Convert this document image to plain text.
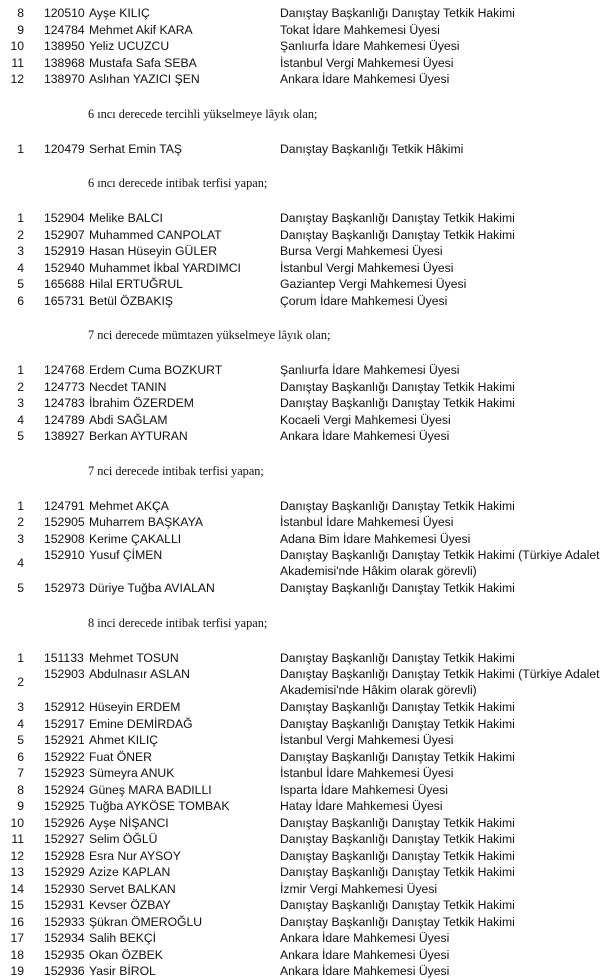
8 120510 Ayşe KILIÇ	Danıştay Başkanlığı Danıştay Tetkik Hakimi
9 124784 Mehmet Akif KARA	Tokat İdare Mahkemesi Üyesi
10 138950 Yeliz UCUZCU	Şanlıurfa İdare Mahkemesi Üyesi
11 138968 Mustafa Safa SEBA	İstanbul Vergi Mahkemesi Üyesi
12 138970 Aslıhan YAZICI ŞEN	Ankara İdare Mahkemesi Üyesi
6 ıncı derecede tercihli yükselmeye lâyık olan;
1 120479 Serhat Emin TAŞ	Danıştay Başkanlığı Tetkik Hâkimi
6 ıncı derecede intibak terfisi yapan;
1 152904 Melike BALCI	Danıştay Başkanlığı Danıştay Tetkik Hakimi
2 152907 Muhammed CANPOLAT	Danıştay Başkanlığı Danıştay Tetkik Hakimi
3 152919 Hasan Hüseyin GÜLER	Bursa Vergi Mahkemesi Üyesi
4 152940 Muhammet İkbal YARDIMCI	İstanbul Vergi Mahkemesi Üyesi
5 165688 Hilal ERTUĞRUL	Gaziantep Vergi Mahkemesi Üyesi
6 165731 Betül ÖZBAKIŞ	Çorum İdare Mahkemesi Üyesi
7 nci derecede mümtazen yükselmeye lâyık olan;
1 124768 Erdem Cuma BOZKURT	Şanlıurfa İdare Mahkemesi Üyesi
2 124773 Necdet TANIN	Danıştay Başkanlığı Danıştay Tetkik Hakimi
3 124783 İbrahim ÖZERDEM	Danıştay Başkanlığı Danıştay Tetkik Hakimi
4 124789 Abdi SAĞLAM	Kocaeli Vergi Mahkemesi Üyesi
5 138927 Berkan AYTURAN	Ankara İdare Mahkemesi Üyesi
7 nci derecede intibak terfisi yapan;
1 124791 Mehmet AKÇA	Danıştay Başkanlığı Danıştay Tetkik Hakimi
2 152905 Muharrem BAŞKAYA	İstanbul İdare Mahkemesi Üyesi
3 152908 Kerime ÇAKALLI	Adana Bim İdare Mahkemesi Üyesi
4
152910 Yusuf ÇİMEN	Danıştay Başkanlığı Danıştay Tetkik Hakimi (Türkiye Adalet
Akademisi'nde Hâkim olarak görevli)
5 152973 Düriye Tuğba AVIALAN	Danıştay Başkanlığı Danıştay Tetkik Hakimi
8 inci derecede intibak terfisi yapan;
1 151133 Mehmet TOSUN	Danıştay Başkanlığı Danıştay Tetkik Hakimi
2
152903 Abdulnasır ASLAN	Danıştay Başkanlığı Danıştay Tetkik Hakimi (Türkiye Adalet
Akademisi'nde Hâkim olarak görevli)
3 152912 Hüseyin ERDEM	Danıştay Başkanlığı Danıştay Tetkik Hakimi
4 152917 Emine DEMİRDAĞ	Danıştay Başkanlığı Danıştay Tetkik Hakimi
5 152921 Ahmet KILIÇ	İstanbul Vergi Mahkemesi Üyesi
6 152922 Fuat ÖNER	Danıştay Başkanlığı Danıştay Tetkik Hakimi
7 152923 Sümeyra ANUK	İstanbul İdare Mahkemesi Üyesi
8 152924 Güneş MARA BADILLI	Isparta İdare Mahkemesi Üyesi
9 152925 Tuğba AYKÖSE TOMBAK	Hatay İdare Mahkemesi Üyesi
10 152926 Ayşe NİŞANCI	Danıştay Başkanlığı Danıştay Tetkik Hakimi
11 152927 Selim ÖĞLÜ	Danıştay Başkanlığı Danıştay Tetkik Hakimi
12 152928 Esra Nur AYSOY	Danıştay Başkanlığı Danıştay Tetkik Hakimi
13 152929 Azize KAPLAN	Danıştay Başkanlığı Danıştay Tetkik Hakimi
14 152930 Servet BALKAN	İzmir Vergi Mahkemesi Üyesi
15 152931 Kevser ÖZBAY	Danıştay Başkanlığı Danıştay Tetkik Hakimi
16 152933 Şükran ÖMEROĞLU	Danıştay Başkanlığı Danıştay Tetkik Hakimi
17 152934 Salih BEKÇİ	Ankara İdare Mahkemesi Üyesi
18 152935 Okan ÖZBEK	Ankara İdare Mahkemesi Üyesi
19 152936 Yasir BİROL	Ankara İdare Mahkemesi Üyesi
